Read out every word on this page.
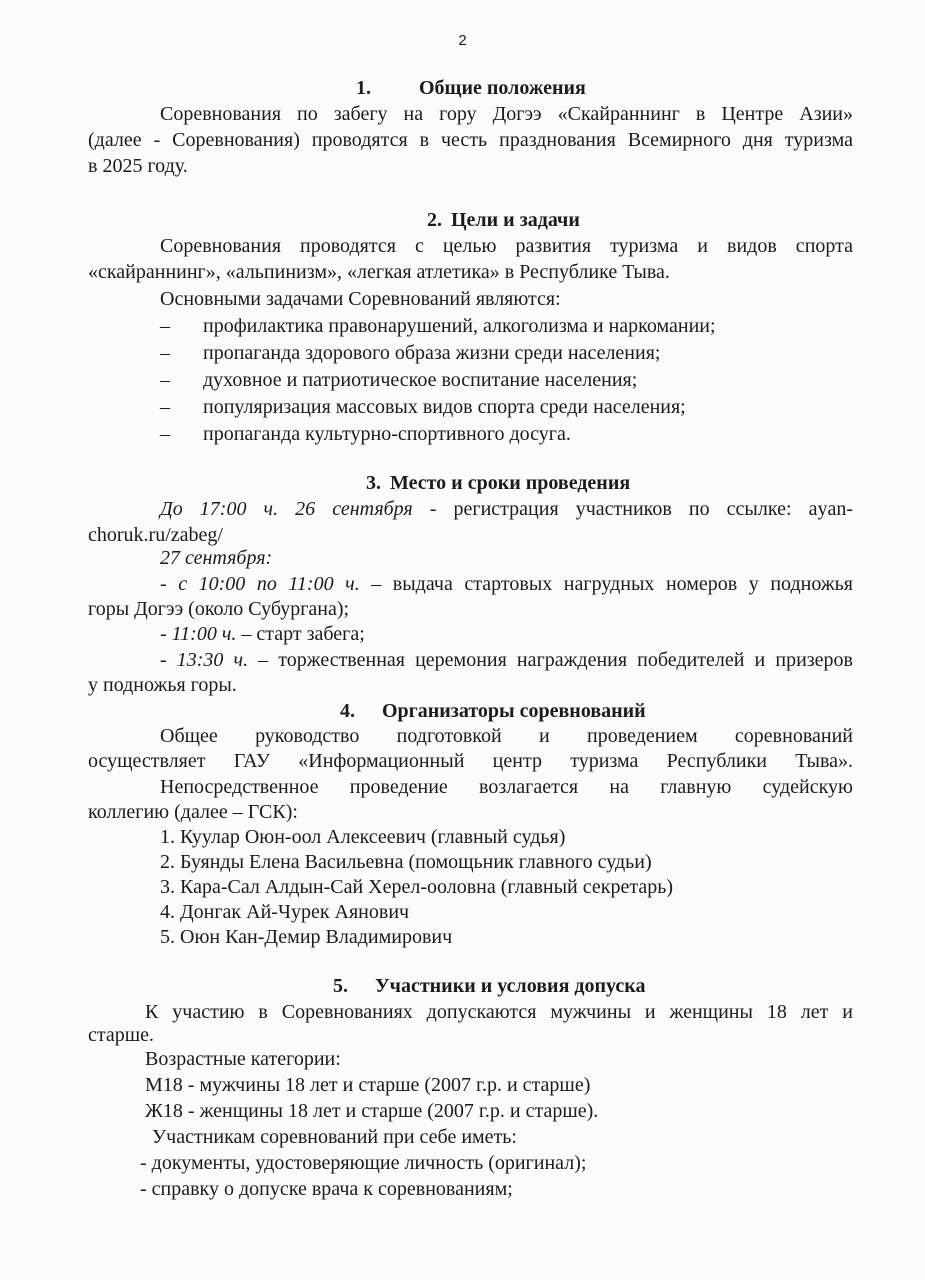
2
1. Общие положения
Соревнования по забегу на гору Догээ «Скайраннинг в Центре Азии»
(далее - Соревнования) проводятся в честь празднования Всемирного дня туризма
в 2025 году.
2. Цели и задачи
Соревнования проводятся с целью развития туризма и видов спорта
«скайраннинг», «альпинизм», «легкая атлетика» в Республике Тыва.
Основными задачами Соревнований являются:
– профилактика правонарушений, алкоголизма и наркомании;
– пропаганда здорового образа жизни среди населения;
– духовное и патриотическое воспитание населения;
– популяризация массовых видов спорта среди населения;
– пропаганда культурно-спортивного досуга.
3. Место и сроки проведения
До 17:00 ч. 26 сентября - регистрация участников по ссылке: ayan-
choruk.ru/zabeg/
27 сентября:
- с 10:00 по 11:00 ч. – выдача стартовых нагрудных номеров у подножья
горы Догээ (около Субургана);
- 11:00 ч. – старт забега;
- 13:30 ч. – торжественная церемония награждения победителей и призеров
у подножья горы.
4. Организаторы соревнований
Общее руководство подготовкой и проведением соревнований
осуществляет ГАУ «Информационный центр туризма Республики Тыва».
Непосредственное проведение возлагается на главную судейскую
коллегию (далее – ГСК):
1. Куулар Оюн-оол Алексеевич (главный судья)
2. Буянды Елена Васильевна (помощьник главного судьи)
3. Кара-Сал Алдын-Сай Херел-ооловна (главный секретарь)
4. Донгак Ай-Чурек Аянович
5. Оюн Кан-Демир Владимирович
5. Участники и условия допуска
К участию в Соревнованиях допускаются мужчины и женщины 18 лет и
старше.
Возрастные категории:
М18 - мужчины 18 лет и старше (2007 г.р. и старше)
Ж18 - женщины 18 лет и старше (2007 г.р. и старше).
Участникам соревнований при себе иметь:
- документы, удостоверяющие личность (оригинал);
- справку о допуске врача к соревнованиям;
